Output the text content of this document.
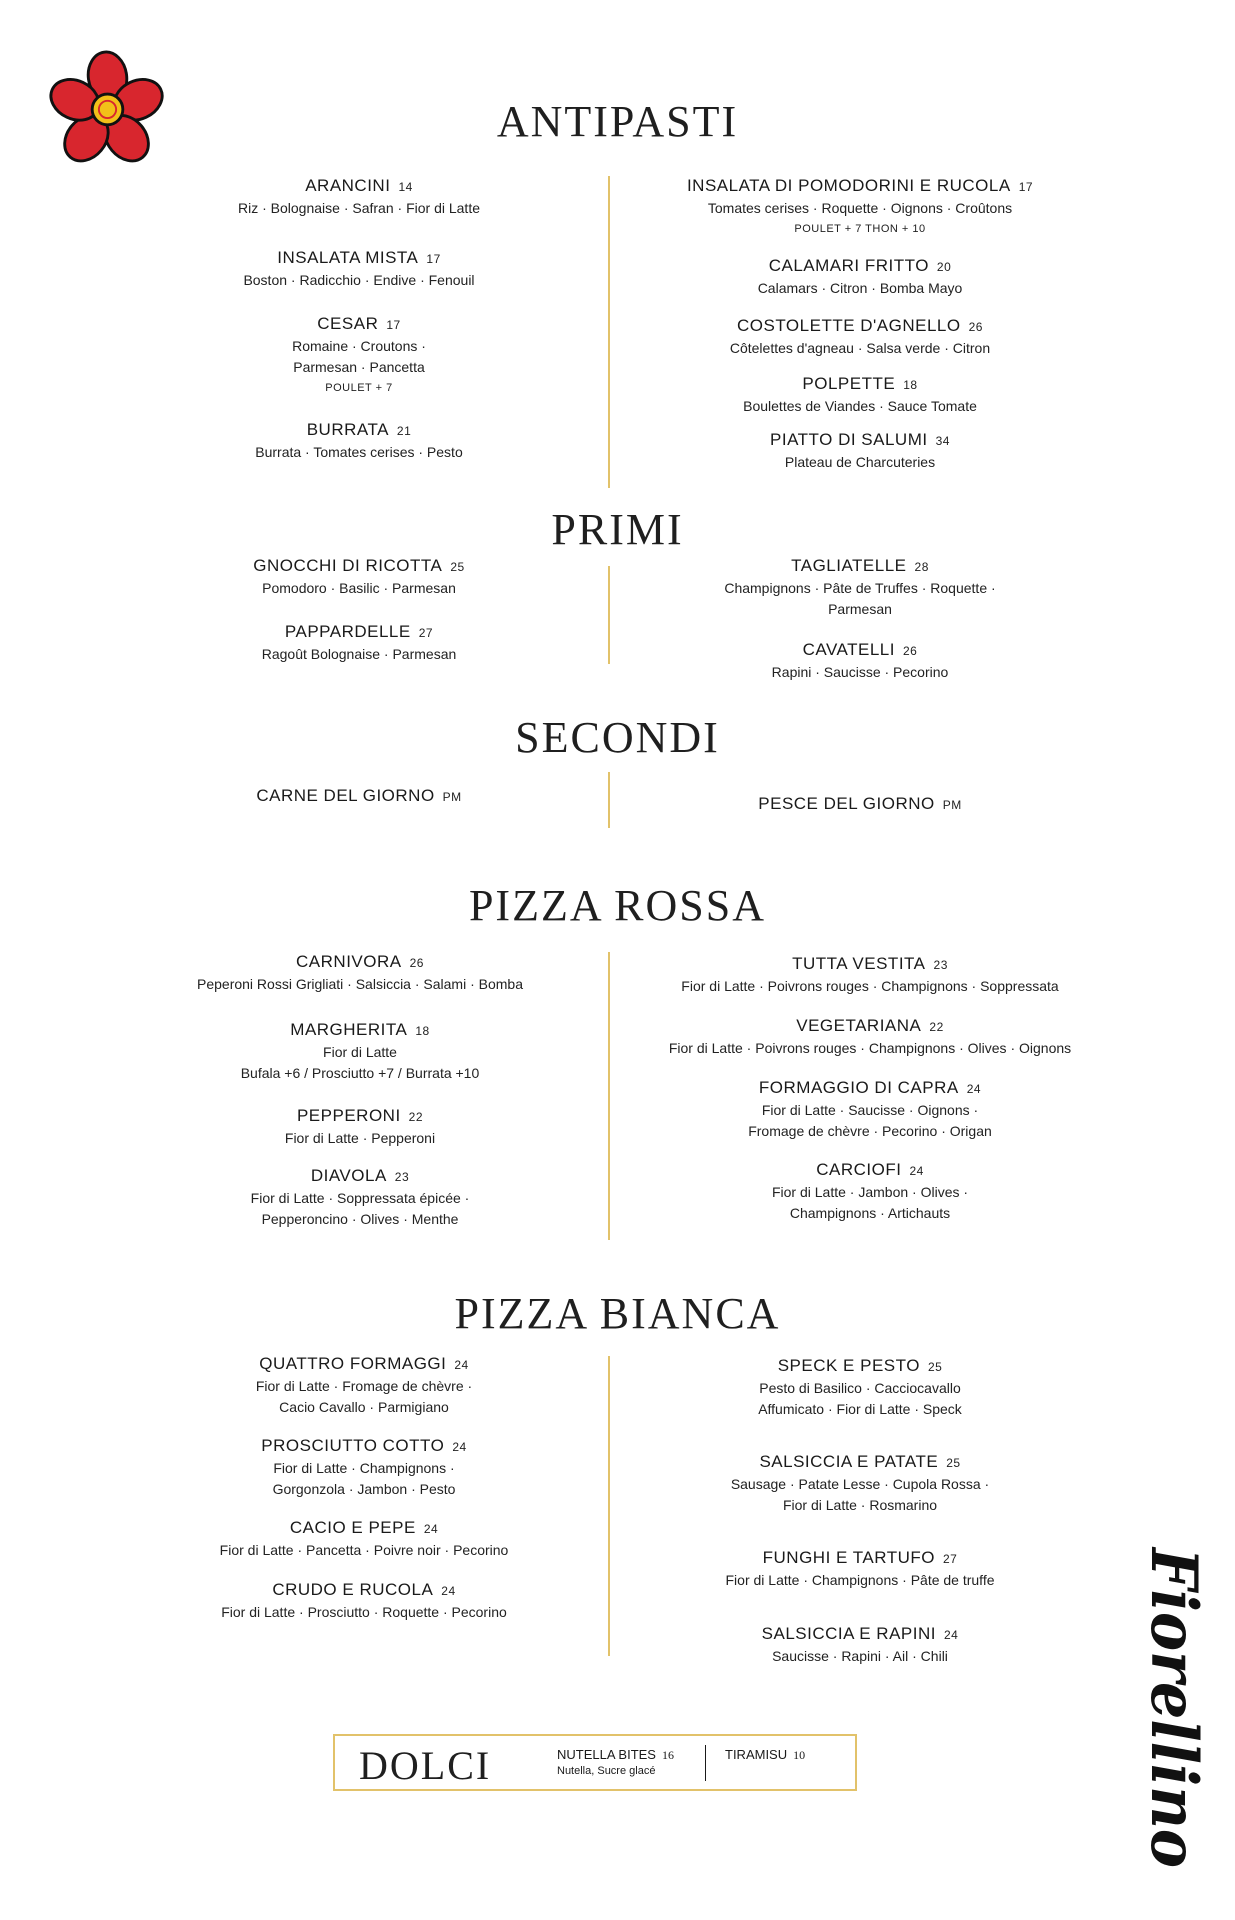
ANTIPASTI
ARANCINI 14
Riz · Bolognaise · Safran · Fior di Latte
INSALATA MISTA 17
Boston · Radicchio · Endive · Fenouil
CESAR 17
Romaine · Croutons ·
Parmesan · Pancetta
POULET + 7
BURRATA 21
Burrata · Tomates cerises · Pesto
INSALATA DI POMODORINI E RUCOLA 17
Tomates cerises · Roquette · Oignons · Croûtons
POULET + 7 THON + 10
CALAMARI FRITTO 20
Calamars · Citron · Bomba Mayo
COSTOLETTE D'AGNELLO 26
Côtelettes d'agneau · Salsa verde · Citron
POLPETTE 18
Boulettes de Viandes · Sauce Tomate
PIATTO DI SALUMI 34
Plateau de Charcuteries
PRIMI
GNOCCHI DI RICOTTA 25
Pomodoro · Basilic · Parmesan
PAPPARDELLE 27
Ragoût Bolognaise · Parmesan
TAGLIATELLE 28
Champignons · Pâte de Truffes · Roquette ·
Parmesan
CAVATELLI 26
Rapini · Saucisse · Pecorino
SECONDI
CARNE DEL GIORNO PM	PESCE DEL GIORNO PM
PIZZA ROSSA
CARNIVORA 26
Peperoni Rossi Grigliati · Salsiccia · Salami · Bomba
MARGHERITA 18
Fior di Latte
Bufala +6 / Prosciutto +7 / Burrata +10
PEPPERONI 22
Fior di Latte · Pepperoni
DIAVOLA 23
Fior di Latte · Soppressata épicée ·
Pepperoncino · Olives · Menthe
TUTTA VESTITA 23
Fior di Latte · Poivrons rouges · Champignons · Soppressata
VEGETARIANA 22
Fior di Latte · Poivrons rouges · Champignons · Olives · Oignons
FORMAGGIO DI CAPRA 24
Fior di Latte · Saucisse · Oignons ·
Fromage de chèvre · Pecorino · Origan
CARCIOFI 24
Fior di Latte · Jambon · Olives ·
Champignons · Artichauts
PIZZA BIANCA
QUATTRO FORMAGGI 24
Fior di Latte · Fromage de chèvre ·
Cacio Cavallo · Parmigiano
PROSCIUTTO COTTO 24
Fior di Latte · Champignons ·
Gorgonzola · Jambon · Pesto
CACIO E PEPE 24
Fior di Latte · Pancetta · Poivre noir · Pecorino
CRUDO E RUCOLA 24
Fior di Latte · Prosciutto · Roquette · Pecorino
SPECK E PESTO 25
Pesto di Basilico · Cacciocavallo
Affumicato · Fior di Latte · Speck
SALSICCIA E PATATE 25
Sausage · Patate Lesse · Cupola Rossa ·
Fior di Latte · Rosmarino
FUNGHI E TARTUFO 27
Fior di Latte · Champignons · Pâte de truffe
SALSICCIA E RAPINI 24
Saucisse · Rapini · Ail · Chili
DOLCI	NUTELLA BITES 16
Nutella, Sucre glacé
TIRAMISU 10	Fiorellino
